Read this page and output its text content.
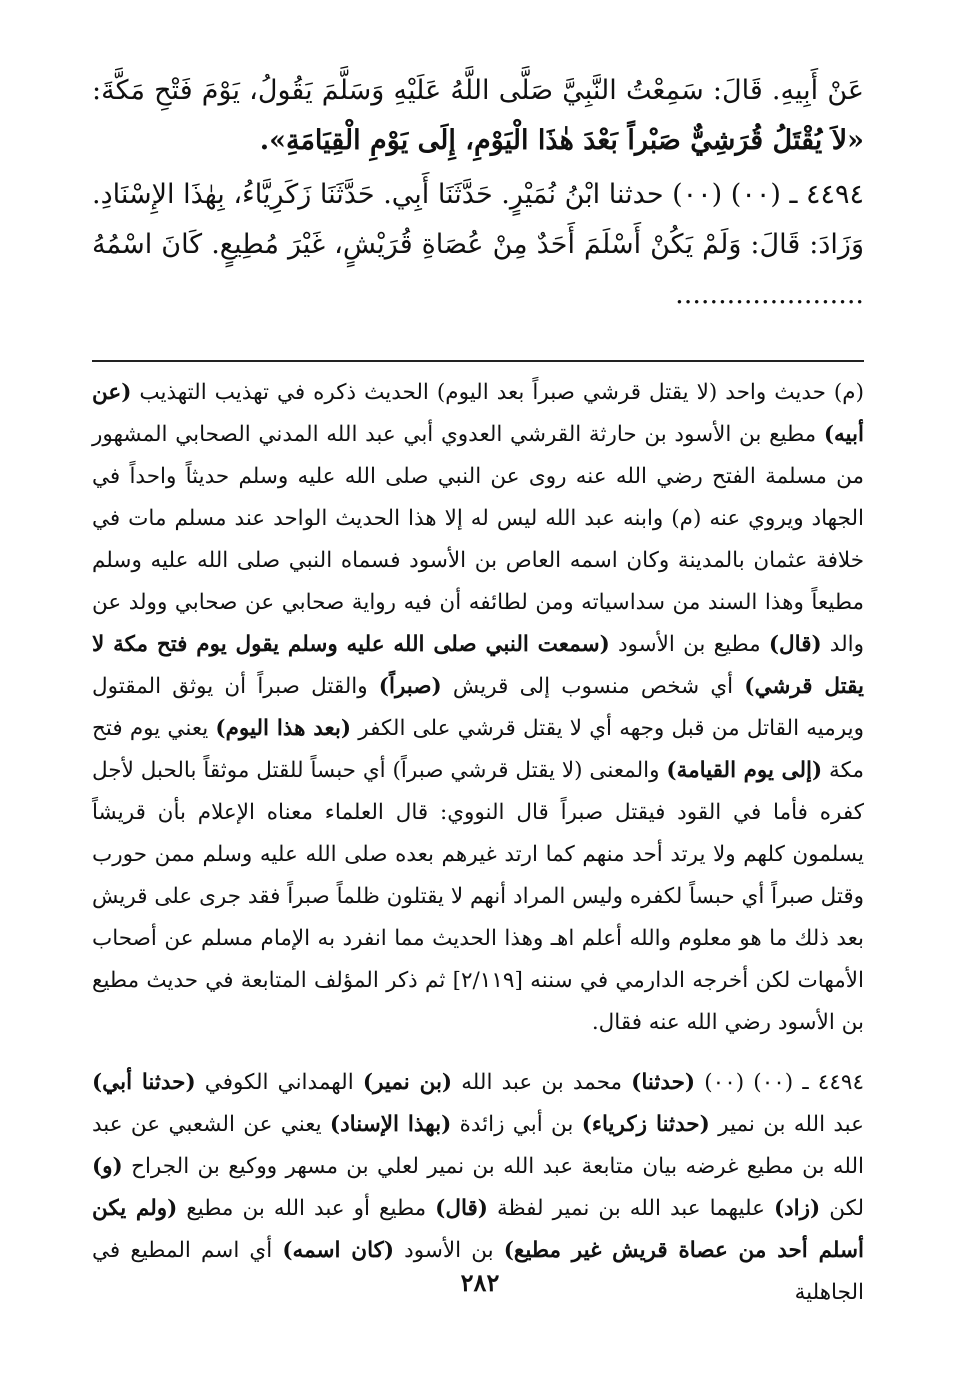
عَنْ أَبِيهِ. قَالَ: سَمِعْتُ النَّبِيَّ صَلَّى اللَّهُ عَلَيْهِ وَسَلَّمَ يَقُولُ، يَوْمَ فَتْحِ مَكَّةَ: «لاَ يُقْتَلُ قُرَشِيٌّ صَبْراً بَعْدَ هٰذَا الْيَوْمِ، إِلَى يَوْمِ الْقِيَامَةِ».

٤٤٩٤ ـ (٠٠) (٠٠) حدثنا ابْنُ نُمَيْرٍ. حَدَّثَنَا أَبِي. حَدَّثَنَا زَكَرِيَّاءُ، بِهٰذَا الإِسْنَادِ. وَزَادَ: قَالَ: وَلَمْ يَكُنْ أَسْلَمَ أَحَدٌ مِنْ عُصَاةِ قُرَيْشٍ، غَيْرَ مُطِيعٍ. كَانَ اسْمُهُ ......................

(م) حديث واحد (لا يقتل قرشي صبراً بعد اليوم) الحديث ذكره في تهذيب التهذيب (عن أبيه) مطيع بن الأسود بن حارثة القرشي العدوي أبي عبد الله المدني الصحابي المشهور من مسلمة الفتح رضي الله عنه روى عن النبي صلى الله عليه وسلم حديثاً واحداً في الجهاد ويروي عنه (م) وابنه عبد الله ليس له إلا هذا الحديث الواحد عند مسلم مات في خلافة عثمان بالمدينة وكان اسمه العاص بن الأسود فسماه النبي صلى الله عليه وسلم مطيعاً وهذا السند من سداسياته ومن لطائفه أن فيه رواية صحابي عن صحابي وولد عن والد (قال) مطيع بن الأسود (سمعت النبي صلى الله عليه وسلم يقول يوم فتح مكة لا يقتل قرشي) أي شخص منسوب إلى قريش (صبراً) والقتل صبراً أن يوثق المقتول ويرميه القاتل من قبل وجهه أي لا يقتل قرشي على الكفر (بعد هذا اليوم) يعني يوم فتح مكة (إلى يوم القيامة) والمعنى (لا يقتل قرشي صبراً) أي حبساً للقتل موثقاً بالحبل لأجل كفره فأما في القود فيقتل صبراً قال النووي: قال العلماء معناه الإعلام بأن قريشاً يسلمون كلهم ولا يرتد أحد منهم كما ارتد غيرهم بعده صلى الله عليه وسلم ممن حورب وقتل صبراً أي حبساً لكفره وليس المراد أنهم لا يقتلون ظلماً صبراً فقد جرى على قريش بعد ذلك ما هو معلوم والله أعلم اهـ وهذا الحديث مما انفرد به الإمام مسلم عن أصحاب الأمهات لكن أخرجه الدارمي في سننه [٢/١١٩] ثم ذكر المؤلف المتابعة في حديث مطيع بن الأسود رضي الله عنه فقال.

٤٤٩٤ ـ (٠٠) (٠٠) (حدثنا) محمد بن عبد الله (بن نمير) الهمداني الكوفي (حدثنا أبي) عبد الله بن نمير (حدثنا زكرياء) بن أبي زائدة (بهذا الإسناد) يعني عن الشعبي عن عبد الله بن مطيع غرضه بيان متابعة عبد الله بن نمير لعلي بن مسهر ووكيع بن الجراح (و) لكن (زاد) عليهما عبد الله بن نمير لفظة (قال) مطيع أو عبد الله بن مطيع (ولم يكن أسلم أحد من عصاة قريش غير مطيع) بن الأسود (كان اسمه) أي اسم المطيع في الجاهلية

٢٨٢
